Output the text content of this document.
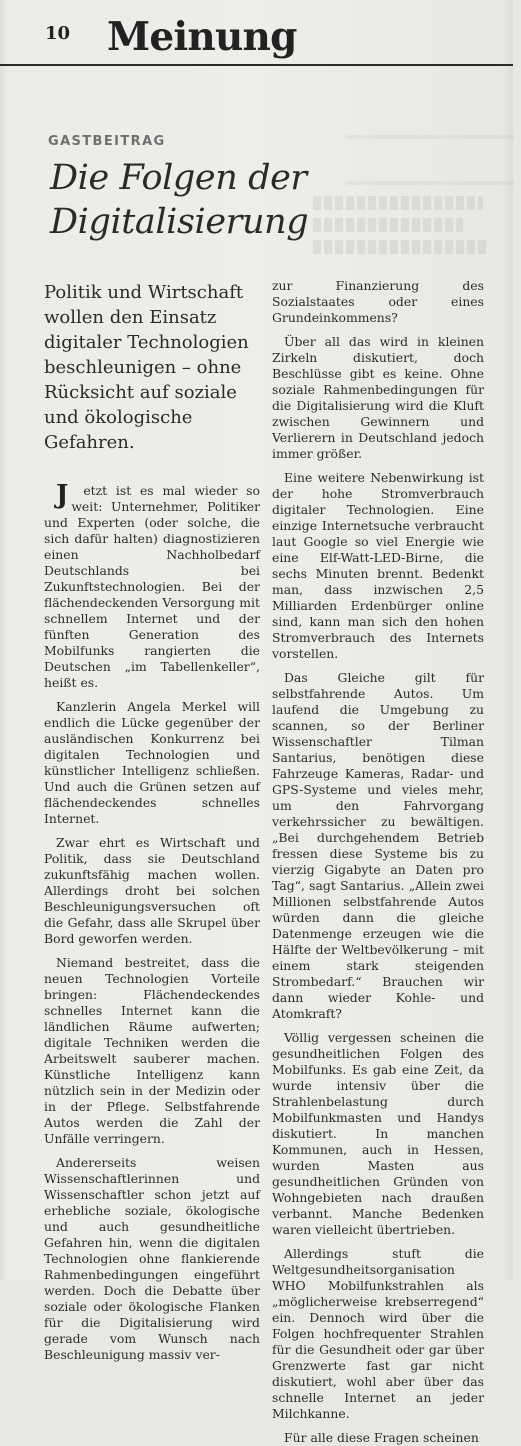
10 Meinung
GASTBEITRAG
Die Folgen der
Digitalisierung
Politik und Wirtschaft wollen den Einsatz digitaler Technologien beschleunigen – ohne Rücksicht auf soziale und ökologische Gefahren.

J etzt ist es mal wieder so weit: Unternehmer, Politiker und Experten (oder solche, die sich dafür halten) diagnostizieren einen Nachholbedarf Deutschlands bei Zukunftstechnologien. Bei der flächendeckenden Versorgung mit schnellem Internet und der fünften Generation des Mobilfunks rangierten die Deutschen „im Tabellenkeller“, heißt es.

Kanzlerin Angela Merkel will endlich die Lücke gegenüber der ausländischen Konkurrenz bei digitalen Technologien und künstlicher Intelligenz schließen. Und auch die Grünen setzen auf flächendeckendes schnelles Internet.

Zwar ehrt es Wirtschaft und Politik, dass sie Deutschland zukunftsfähig machen wollen. Allerdings droht bei solchen Beschleunigungsversuchen oft die Gefahr, dass alle Skrupel über Bord geworfen werden.

Niemand bestreitet, dass die neuen Technologien Vorteile bringen: Flächendeckendes schnelles Internet kann die ländlichen Räume aufwerten; digitale Techniken werden die Arbeitswelt sauberer machen. Künstliche Intelligenz kann nützlich sein in der Medizin oder in der Pflege. Selbstfahrende Autos werden die Zahl der Unfälle verringern.

Andererseits weisen Wissenschaftlerinnen und Wissenschaftler schon jetzt auf erhebliche soziale, ökologische und auch gesundheitliche Gefahren hin, wenn die digitalen Technologien ohne flankierende Rahmenbedingungen eingeführt werden. Doch die Debatte über soziale oder ökologische Flanken für die Digitalisierung wird gerade vom Wunsch nach Beschleunigung massiv ver-

zur Finanzierung des Sozialstaates oder eines Grundeinkommens?

Über all das wird in kleinen Zirkeln diskutiert, doch Beschlüsse gibt es keine. Ohne soziale Rahmenbedingungen für die Digitalisierung wird die Kluft zwischen Gewinnern und Verlierern in Deutschland jedoch immer größer.

Eine weitere Nebenwirkung ist der hohe Stromverbrauch digitaler Technologien. Eine einzige Internetsuche verbraucht laut Google so viel Energie wie eine Elf-Watt-LED-Birne, die sechs Minuten brennt. Bedenkt man, dass inzwischen 2,5 Milliarden Erdenbürger online sind, kann man sich den hohen Stromverbrauch des Internets vorstellen.

Das Gleiche gilt für selbstfahrende Autos. Um laufend die Umgebung zu scannen, so der Berliner Wissenschaftler Tilman Santarius, benötigen diese Fahrzeuge Kameras, Radar- und GPS-Systeme und vieles mehr, um den Fahrvorgang verkehrssicher zu bewältigen. „Bei durchgehendem Betrieb fressen diese Systeme bis zu vierzig Gigabyte an Daten pro Tag“, sagt Santarius. „Allein zwei Millionen selbstfahrende Autos würden dann die gleiche Datenmenge erzeugen wie die Hälfte der Weltbevölkerung – mit einem stark steigenden Strombedarf.“ Brauchen wir dann wieder Kohle- und Atomkraft?

Völlig vergessen scheinen die gesundheitlichen Folgen des Mobilfunks. Es gab eine Zeit, da wurde intensiv über die Strahlenbelastung durch Mobilfunkmasten und Handys diskutiert. In manchen Kommunen, auch in Hessen, wurden Masten aus gesundheitlichen Gründen von Wohngebieten nach draußen verbannt. Manche Bedenken waren vielleicht übertrieben.

Allerdings stuft die Weltgesundheitsorganisation WHO Mobilfunkstrahlen als „möglicherweise krebserregend“ ein. Dennoch wird über die Folgen hochfrequenter Strahlen für die Gesundheit oder gar über Grenzwerte fast gar nicht diskutiert, wohl aber über das schnelle Internet an jeder Milchkanne.

Für alle diese Fragen scheinen
